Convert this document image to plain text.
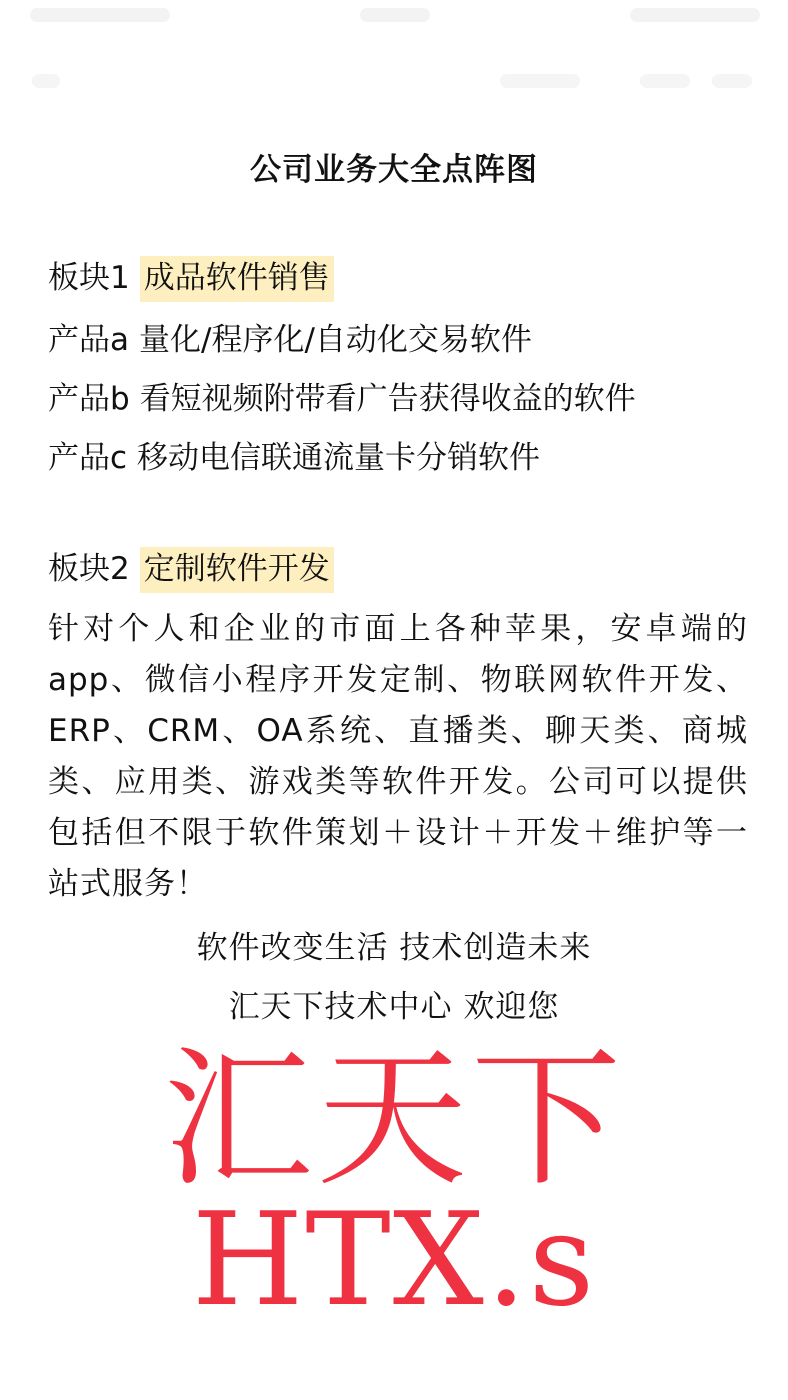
公司业务大全点阵图
板块1 成品软件销售
产品a 量化/程序化/自动化交易软件
产品b 看短视频附带看广告获得收益的软件
产品c 移动电信联通流量卡分销软件
板块2 定制软件开发
针对个人和企业的市面上各种苹果，安卓端的app、微信小程序开发定制、物联网软件开发、ERP、CRM、OA系统、直播类、聊天类、商城类、应用类、游戏类等软件开发。公司可以提供包括但不限于软件策划＋设计＋开发＋维护等一站式服务！
软件改变生活 技术创造未来
汇天下技术中心 欢迎您
汇天下
HTX.s
